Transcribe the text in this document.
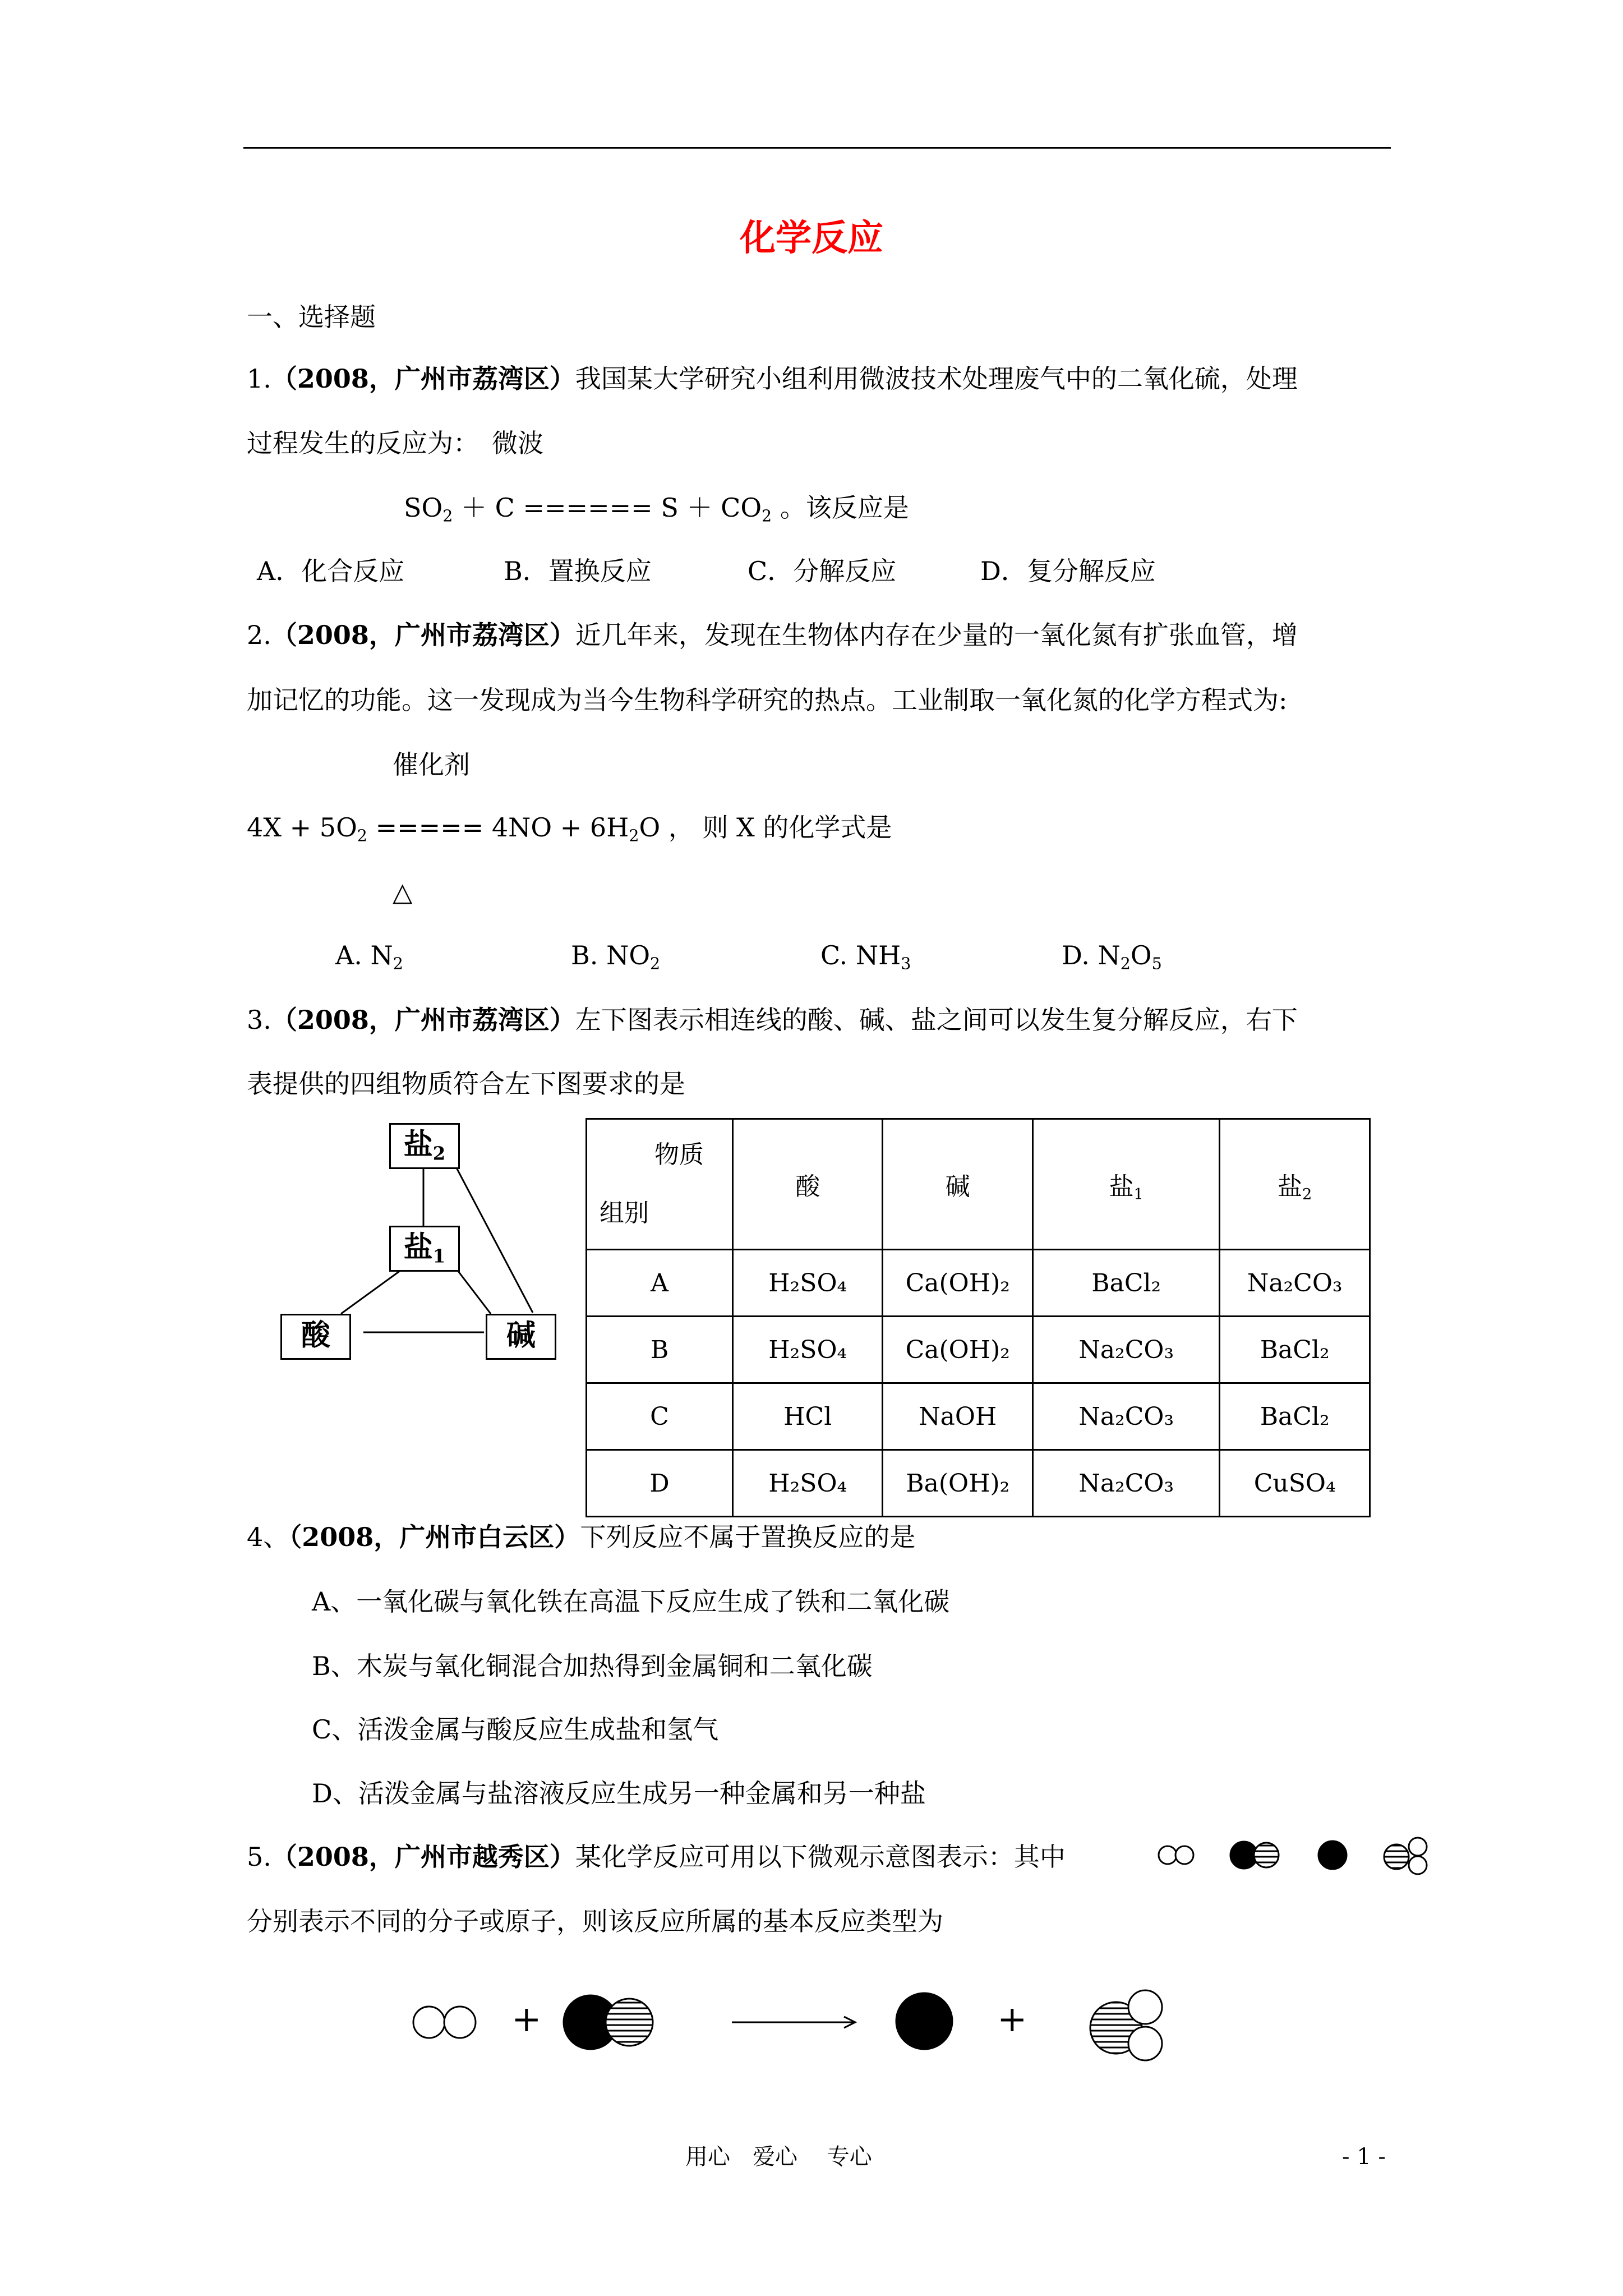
化学反应
一、选择题
1.（2008，广州市荔湾区）我国某大学研究小组利用微波技术处理废气中的二氧化硫，处理
过程发生的反应为：　 微波
$SO_2 + C$ ====== $S + CO_2$ 。该反应是
A．化合反应	B．置换反应	C．分解反应	D．复分解反应
2.（2008，广州市荔湾区）近几年来，发现在生物体内存在少量的一氧化氮有扩张血管，增
加记忆的功能。这一发现成为当今生物科学研究的热点。工业制取一氧化氮的化学方程式为:
催化剂
$4X + 5O_2$ ===== $4NO + 6H_2O$ ， 则 X 的化学式是
△
A. $N_2$	B. $NO_2$	C. $NH_3$	D. $N_2O_5$
3.（2008，广州市荔湾区）左下图表示相连线的酸、碱、盐之间可以发生复分解反应，右下
表提供的四组物质符合左下图要求的是
盐$_2$
盐$_1$
酸	碱
物质
组别	酸	碱	盐$_1$	盐$_2$
A	H₂SO₄	Ca(OH)₂	BaCl₂	Na₂CO₃
B	H₂SO₄	Ca(OH)₂	Na₂CO₃	BaCl₂
C	HCl	NaOH	Na₂CO₃	BaCl₂
D	H₂SO₄	Ba(OH)₂	Na₂CO₃	CuSO₄
4、（2008，广州市白云区）下列反应不属于置换反应的是
A、一氧化碳与氧化铁在高温下反应生成了铁和二氧化碳
B、木炭与氧化铜混合加热得到金属铜和二氧化碳
C、活泼金属与酸反应生成盐和氢气
D、活泼金属与盐溶液反应生成另一种金属和另一种盐
5.（2008，广州市越秀区）某化学反应可用以下微观示意图表示：其中
分别表示不同的分子或原子，则该反应所属的基本反应类型为
+	+
用心　爱心　 专心	- 1 -
